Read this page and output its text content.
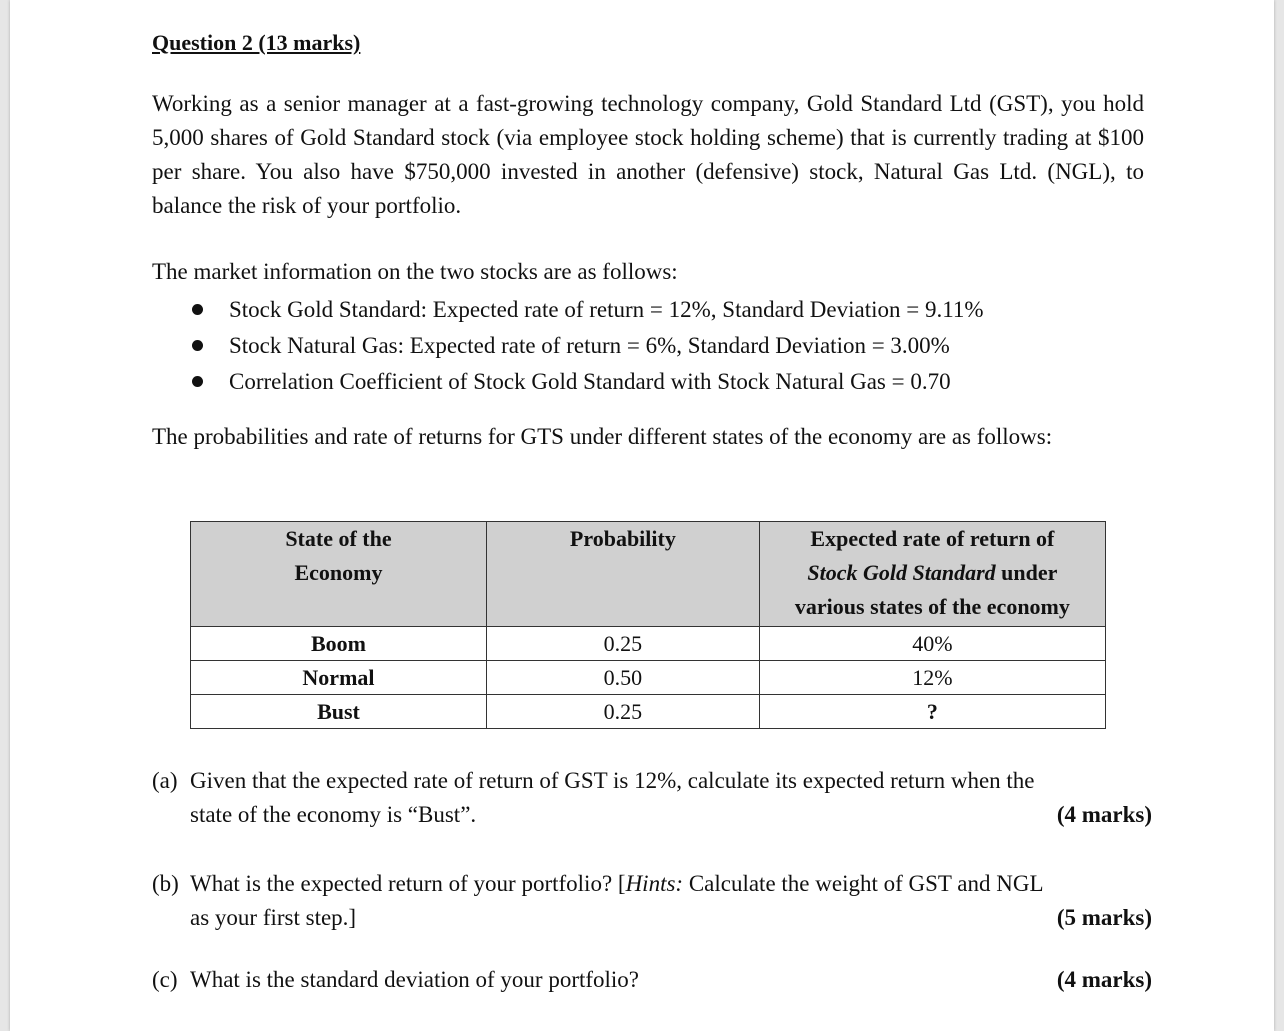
Question 2 (13 marks)
Working as a senior manager at a fast-growing technology company, Gold Standard Ltd (GST), you hold 5,000 shares of Gold Standard stock (via employee stock holding scheme) that is currently trading at $100 per share. You also have $750,000 invested in another (defensive) stock, Natural Gas Ltd. (NGL), to balance the risk of your portfolio.
The market information on the two stocks are as follows:
Stock Gold Standard: Expected rate of return = 12%, Standard Deviation = 9.11%
Stock Natural Gas: Expected rate of return = 6%, Standard Deviation = 3.00%
Correlation Coefficient of Stock Gold Standard with Stock Natural Gas = 0.70
The probabilities and rate of returns for GTS under different states of the economy are as follows:
State of the Economy	Probability	Expected rate of return of
Stock Gold Standard under
various states of the economy
Boom	0.25	40%
Normal	0.50	12%
Bust	0.25	?
(a) Given that the expected rate of return of GST is 12%, calculate its expected return when the
state of the economy is “Bust”.	(4 marks)
(b) What is the expected return of your portfolio? [Hints: Calculate the weight of GST and NGL
as your first step.]	(5 marks)
(c) What is the standard deviation of your portfolio?	(4 marks)
